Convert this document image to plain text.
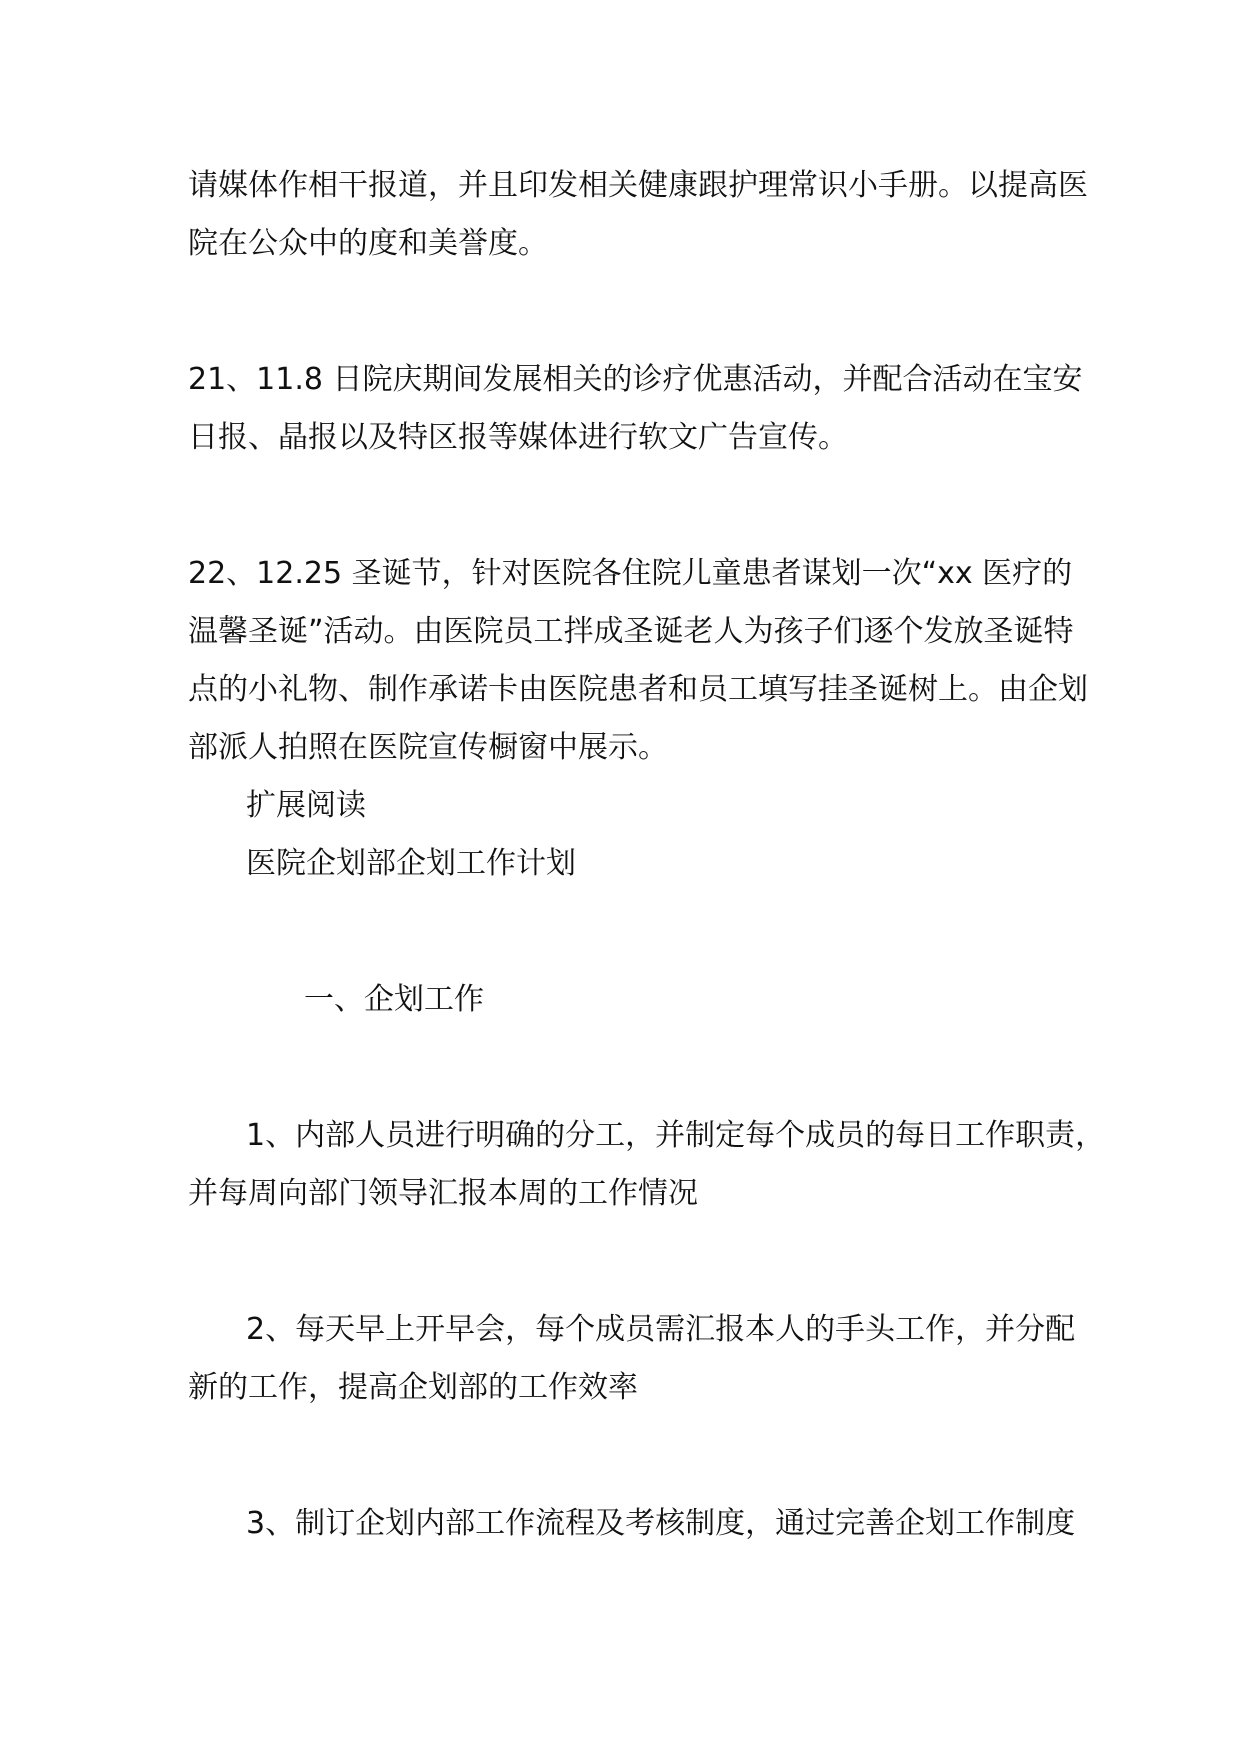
请媒体作相干报道，并且印发相关健康跟护理常识小手册。以提高医
院在公众中的度和美誉度。
21、11.8 日院庆期间发展相关的诊疗优惠活动，并配合活动在宝安
日报、晶报以及特区报等媒体进行软文广告宣传。
22、12.25 圣诞节，针对医院各住院儿童患者谋划一次“xx 医疗的
温馨圣诞”活动。由医院员工拌成圣诞老人为孩子们逐个发放圣诞特
点的小礼物、制作承诺卡由医院患者和员工填写挂圣诞树上。由企划
部派人拍照在医院宣传橱窗中展示。
扩展阅读
医院企划部企划工作计划
一、企划工作
1、内部人员进行明确的分工，并制定每个成员的每日工作职责，
并每周向部门领导汇报本周的工作情况
2、每天早上开早会，每个成员需汇报本人的手头工作，并分配
新的工作，提高企划部的工作效率
3、制订企划内部工作流程及考核制度，通过完善企划工作制度
